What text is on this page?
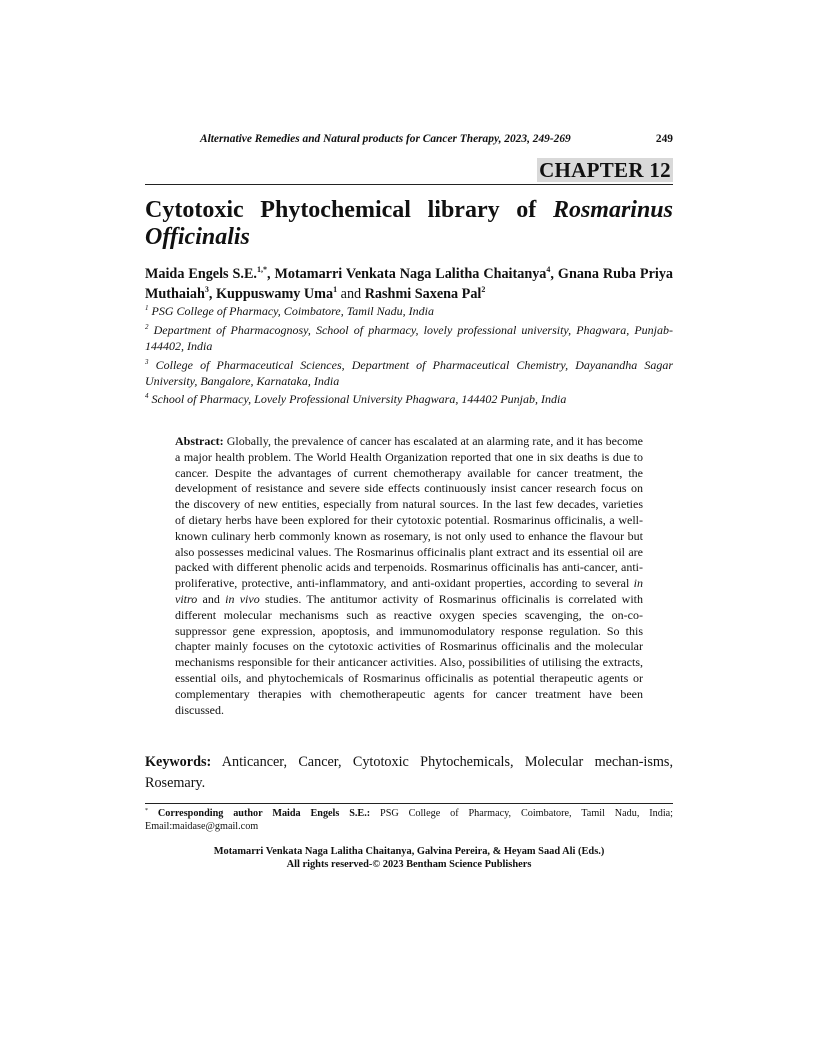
Alternative Remedies and Natural products for Cancer Therapy, 2023, 249-269	249
CHAPTER 12
Cytotoxic Phytochemical library of Rosmarinus Officinalis
Maida Engels S.E.$^{1,*}$, Motamarri Venkata Naga Lalitha Chaitanya$^4$, Gnana Ruba Priya Muthaiah$^3$, Kuppuswamy Uma$^1$ and Rashmi Saxena Pal$^2$
$^1$ PSG College of Pharmacy, Coimbatore, Tamil Nadu, India
$^2$ Department of Pharmacognosy, School of pharmacy, lovely professional university, Phagwara, Punjab- 144402, India
$^3$ College of Pharmaceutical Sciences, Department of Pharmaceutical Chemistry, Dayanandha Sagar University, Bangalore, Karnataka, India
$^4$ School of Pharmacy, Lovely Professional University Phagwara, 144402 Punjab, India
Abstract: Globally, the prevalence of cancer has escalated at an alarming rate, and it has become a major health problem. The World Health Organization reported that one in six deaths is due to cancer. Despite the advantages of current chemotherapy available for cancer treatment, the development of resistance and severe side effects continuously insist cancer research focus on the discovery of new entities, especially from natural sources. In the last few decades, varieties of dietary herbs have been explored for their cytotoxic potential. Rosmarinus officinalis, a well-known culinary herb commonly known as rosemary, is not only used to enhance the flavour but also possesses medicinal values. The Rosmarinus officinalis plant extract and its essential oil are packed with different phenolic acids and terpenoids. Rosmarinus officinalis has anti-cancer, anti-proliferative, protective, anti-inflammatory, and anti-oxidant properties, according to several in vitro and in vivo studies. The antitumor activity of Rosmarinus officinalis is correlated with different molecular mechanisms such as reactive oxygen species scavenging, the on-co-suppressor gene expression, apoptosis, and immunomodulatory response regulation. So this chapter mainly focuses on the cytotoxic activities of Rosmarinus officinalis and the molecular mechanisms responsible for their anticancer activities. Also, possibilities of utilising the extracts, essential oils, and phytochemicals of Rosmarinus officinalis as potential therapeutic agents or complementary therapies with chemotherapeutic agents for cancer treatment have been discussed.
Keywords: Anticancer, Cancer, Cytotoxic Phytochemicals, Molecular mechan-isms, Rosemary.
* Corresponding author Maida Engels S.E.: PSG College of Pharmacy, Coimbatore, Tamil Nadu, India; Email:maidase@gmail.com
Motamarri Venkata Naga Lalitha Chaitanya, Galvina Pereira, & Heyam Saad Ali (Eds.)
All rights reserved-© 2023 Bentham Science Publishers
